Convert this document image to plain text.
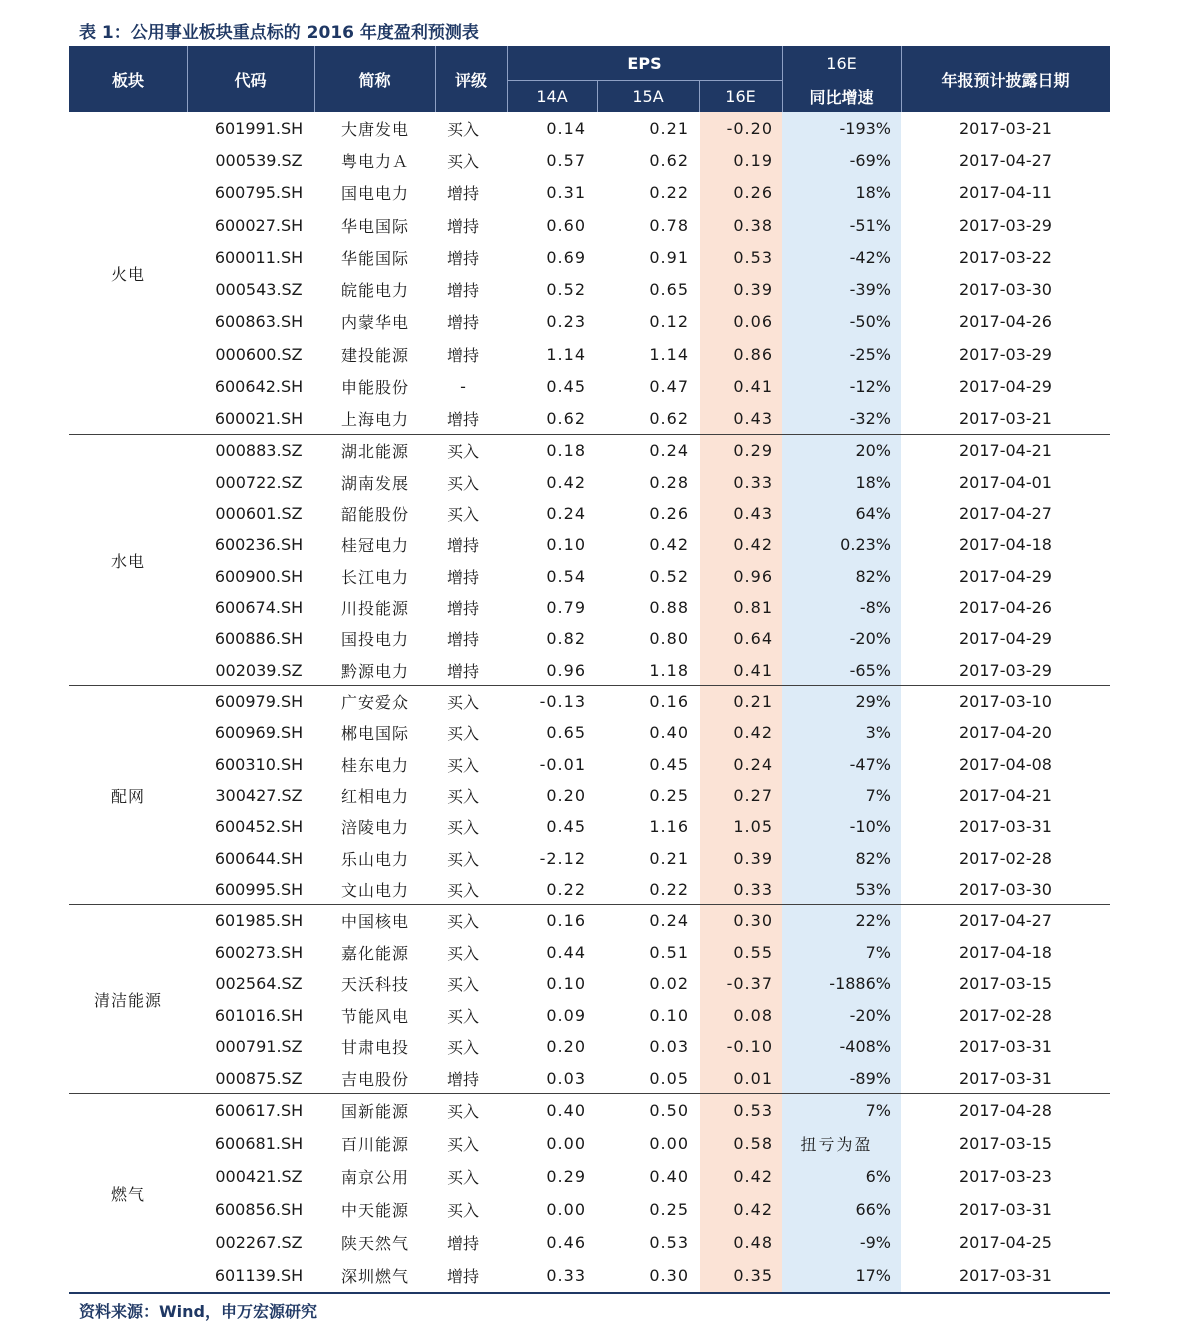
表 1：公用事业板块重点标的 2016 年度盈利预测表
板块	代码	简称	评级
EPS
14A	15A	16E
16E
同比增速
年报预计披露日期
火电
601991.SH	大唐发电	买入	0.14	0.21	-0.20	-193%	2017-03-21
000539.SZ	粤电力Ａ	买入	0.57	0.62	0.19	-69%	2017-04-27
600795.SH	国电电力	增持	0.31	0.22	0.26	18%	2017-04-11
600027.SH	华电国际	增持	0.60	0.78	0.38	-51%	2017-03-29
600011.SH	华能国际	增持	0.69	0.91	0.53	-42%	2017-03-22
000543.SZ	皖能电力	增持	0.52	0.65	0.39	-39%	2017-03-30
600863.SH	内蒙华电	增持	0.23	0.12	0.06	-50%	2017-04-26
000600.SZ	建投能源	增持	1.14	1.14	0.86	-25%	2017-03-29
600642.SH	申能股份	-	0.45	0.47	0.41	-12%	2017-04-29
600021.SH	上海电力	增持	0.62	0.62	0.43	-32%	2017-03-21
水电
000883.SZ	湖北能源	买入	0.18	0.24	0.29	20%	2017-04-21
000722.SZ	湖南发展	买入	0.42	0.28	0.33	18%	2017-04-01
000601.SZ	韶能股份	买入	0.24	0.26	0.43	64%	2017-04-27
600236.SH	桂冠电力	增持	0.10	0.42	0.42	0.23%	2017-04-18
600900.SH	长江电力	增持	0.54	0.52	0.96	82%	2017-04-29
600674.SH	川投能源	增持	0.79	0.88	0.81	-8%	2017-04-26
600886.SH	国投电力	增持	0.82	0.80	0.64	-20%	2017-04-29
002039.SZ	黔源电力	增持	0.96	1.18	0.41	-65%	2017-03-29
配网
600979.SH	广安爱众	买入	-0.13	0.16	0.21	29%	2017-03-10
600969.SH	郴电国际	买入	0.65	0.40	0.42	3%	2017-04-20
600310.SH	桂东电力	买入	-0.01	0.45	0.24	-47%	2017-04-08
300427.SZ	红相电力	买入	0.20	0.25	0.27	7%	2017-04-21
600452.SH	涪陵电力	买入	0.45	1.16	1.05	-10%	2017-03-31
600644.SH	乐山电力	买入	-2.12	0.21	0.39	82%	2017-02-28
600995.SH	文山电力	买入	0.22	0.22	0.33	53%	2017-03-30
清洁能源
601985.SH	中国核电	买入	0.16	0.24	0.30	22%	2017-04-27
600273.SH	嘉化能源	买入	0.44	0.51	0.55	7%	2017-04-18
002564.SZ	天沃科技	买入	0.10	0.02	-0.37	-1886%	2017-03-15
601016.SH	节能风电	买入	0.09	0.10	0.08	-20%	2017-02-28
000791.SZ	甘肃电投	买入	0.20	0.03	-0.10	-408%	2017-03-31
000875.SZ	吉电股份	增持	0.03	0.05	0.01	-89%	2017-03-31
燃气
600617.SH	国新能源	买入	0.40	0.50	0.53	7%	2017-04-28
600681.SH	百川能源	买入	0.00	0.00	0.58	扭亏为盈	2017-03-15
000421.SZ	南京公用	买入	0.29	0.40	0.42	6%	2017-03-23
600856.SH	中天能源	买入	0.00	0.25	0.42	66%	2017-03-31
002267.SZ	陕天然气	增持	0.46	0.53	0.48	-9%	2017-04-25
601139.SH	深圳燃气	增持	0.33	0.30	0.35	17%	2017-03-31
资料来源：Wind，申万宏源研究
